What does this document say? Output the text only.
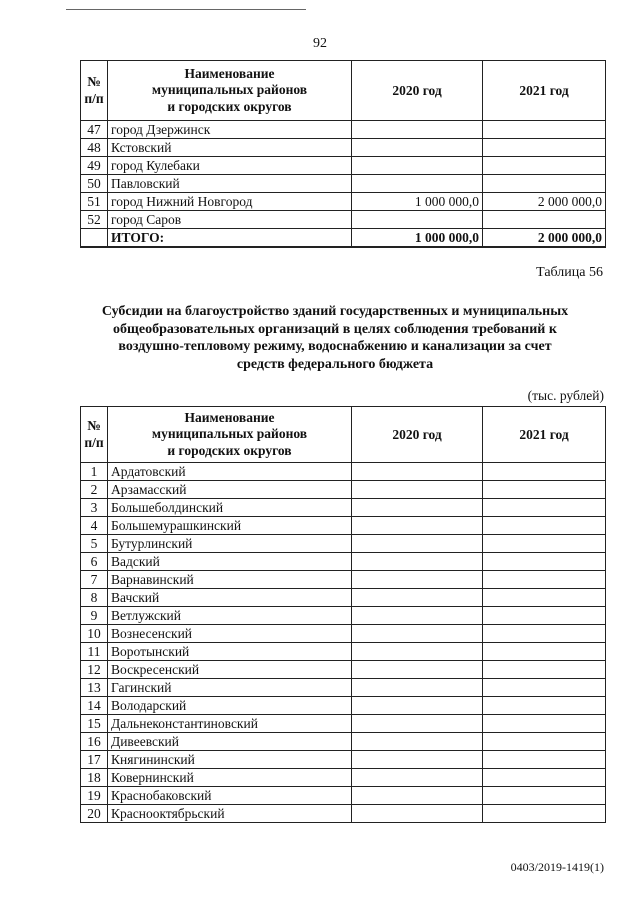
92
№ п/п	Наименование
муниципальных районов
и городских округов	2020 год	2021 год
47	город Дзержинск		
48	Кстовский		
49	город Кулебаки		
50	Павловский		
51	город Нижний Новгород	1 000 000,0	2 000 000,0
52	город Саров		
	ИТОГО:	1 000 000,0	2 000 000,0
Таблица 56
Субсидии на благоустройство зданий государственных и муниципальных
общеобразовательных организаций в целях соблюдения требований к
воздушно-тепловому режиму, водоснабжению и канализации за счет
средств федерального бюджета
(тыс. рублей)
№ п/п	Наименование
муниципальных районов
и городских округов	2020 год	2021 год
1	Ардатовский		
2	Арзамасский		
3	Большеболдинский		
4	Большемурашкинский		
5	Бутурлинский		
6	Вадский		
7	Варнавинский		
8	Вачский		
9	Ветлужский		
10	Вознесенский		
11	Воротынский		
12	Воскресенский		
13	Гагинский		
14	Володарский		
15	Дальнеконстантиновский		
16	Дивеевский		
17	Княгининский		
18	Ковернинский		
19	Краснобаковский		
20	Краснооктябрьский		
0403/2019-1419(1)
